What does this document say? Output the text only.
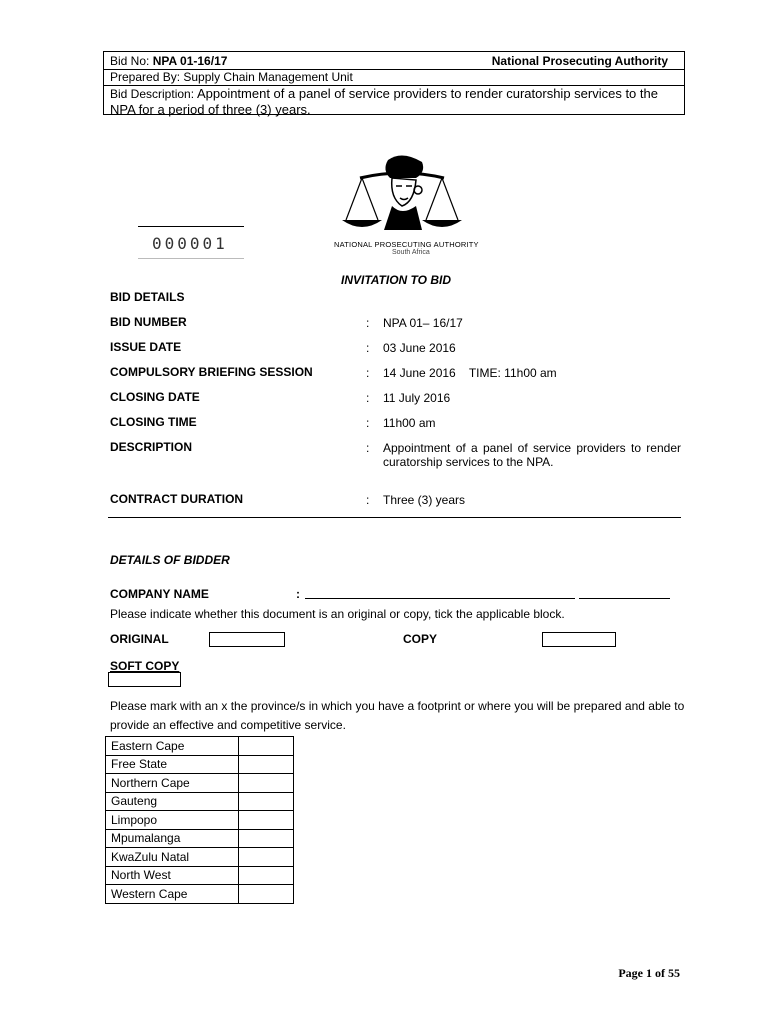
Bid No: NPA 01-16/17	National Prosecuting Authority
Prepared By: Supply Chain Management Unit
Bid Description: Appointment of a panel of service providers to render curatorship services to the
NPA for a period of three (3) years.
NATIONAL PROSECUTING AUTHORITY
South Africa
000001
INVITATION TO BID
BID DETAILS
BID NUMBER	: NPA 01– 16/17
ISSUE DATE	: 03 June 2016
COMPULSORY BRIEFING SESSION	: 14 June 2016    TIME: 11h00 am
CLOSING DATE	: 11 July 2016
CLOSING TIME	: 11h00 am
DESCRIPTION	: Appointment of a panel of service providers to render curatorship services to the NPA.
CONTRACT DURATION	: Three (3) years
DETAILS OF BIDDER
COMPANY NAME	:
Please indicate whether this document is an original or copy, tick the applicable block.
ORIGINAL	COPY
SOFT COPY
Please mark with an x the province/s in which you have a footprint or where you will be prepared and able to
provide an effective and competitive service.
Eastern Cape	
Free State	
Northern Cape	
Gauteng	
Limpopo	
Mpumalanga	
KwaZulu Natal	
North West	
Western Cape	
Page 1 of 55
